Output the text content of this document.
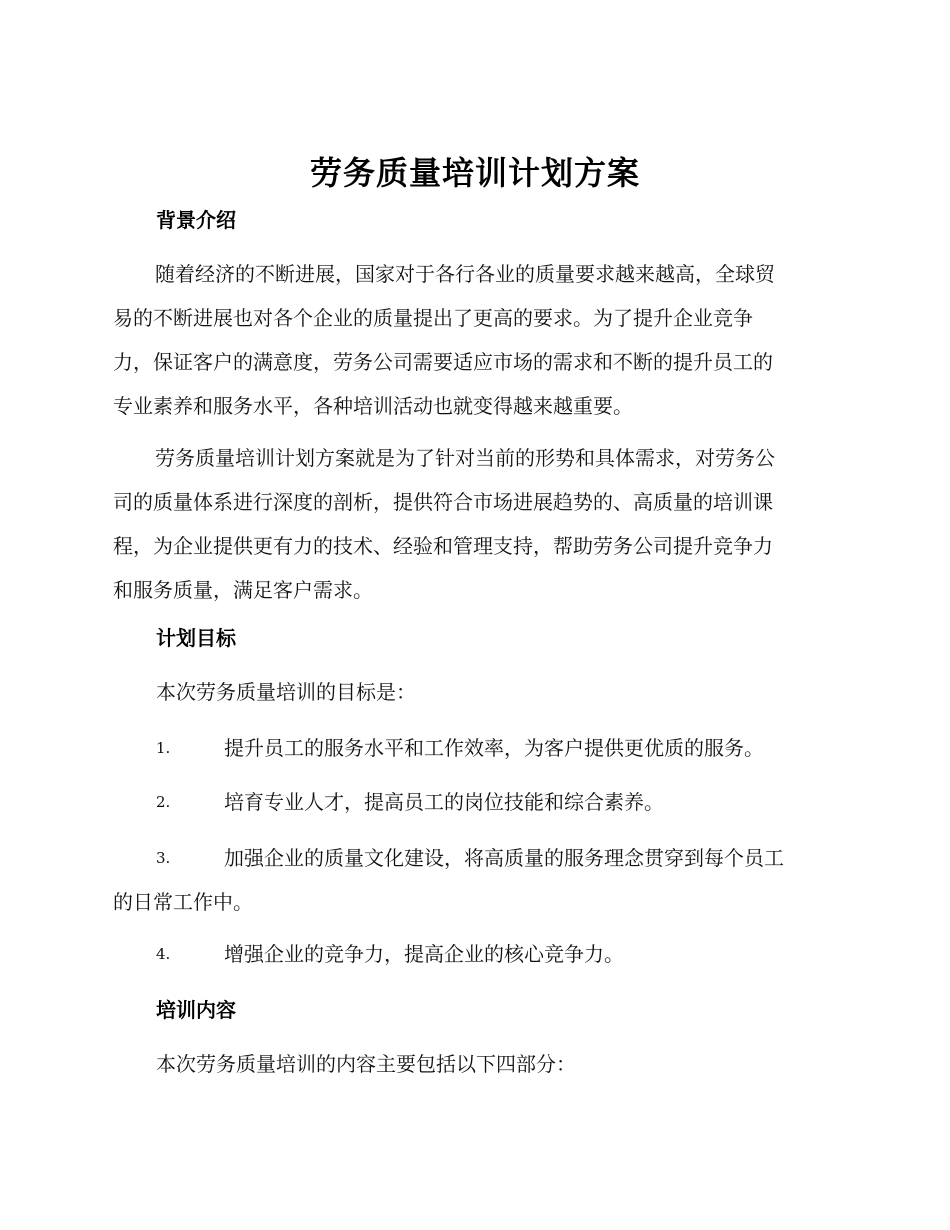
劳务质量培训计划方案
背景介绍
随着经济的不断进展，国家对于各行各业的质量要求越来越高，全球贸
易的不断进展也对各个企业的质量提出了更高的要求。为了提升企业竞争
力，保证客户的满意度，劳务公司需要适应市场的需求和不断的提升员工的
专业素养和服务水平，各种培训活动也就变得越来越重要。
劳务质量培训计划方案就是为了针对当前的形势和具体需求，对劳务公
司的质量体系进行深度的剖析，提供符合市场进展趋势的、高质量的培训课
程，为企业提供更有力的技术、经验和管理支持，帮助劳务公司提升竞争力
和服务质量，满足客户需求。
计划目标
本次劳务质量培训的目标是：
1.	提升员工的服务水平和工作效率，为客户提供更优质的服务。
2.	培育专业人才，提高员工的岗位技能和综合素养。
3.	加强企业的质量文化建设，将高质量的服务理念贯穿到每个员工
的日常工作中。
4.	增强企业的竞争力，提高企业的核心竞争力。
培训内容
本次劳务质量培训的内容主要包括以下四部分：
